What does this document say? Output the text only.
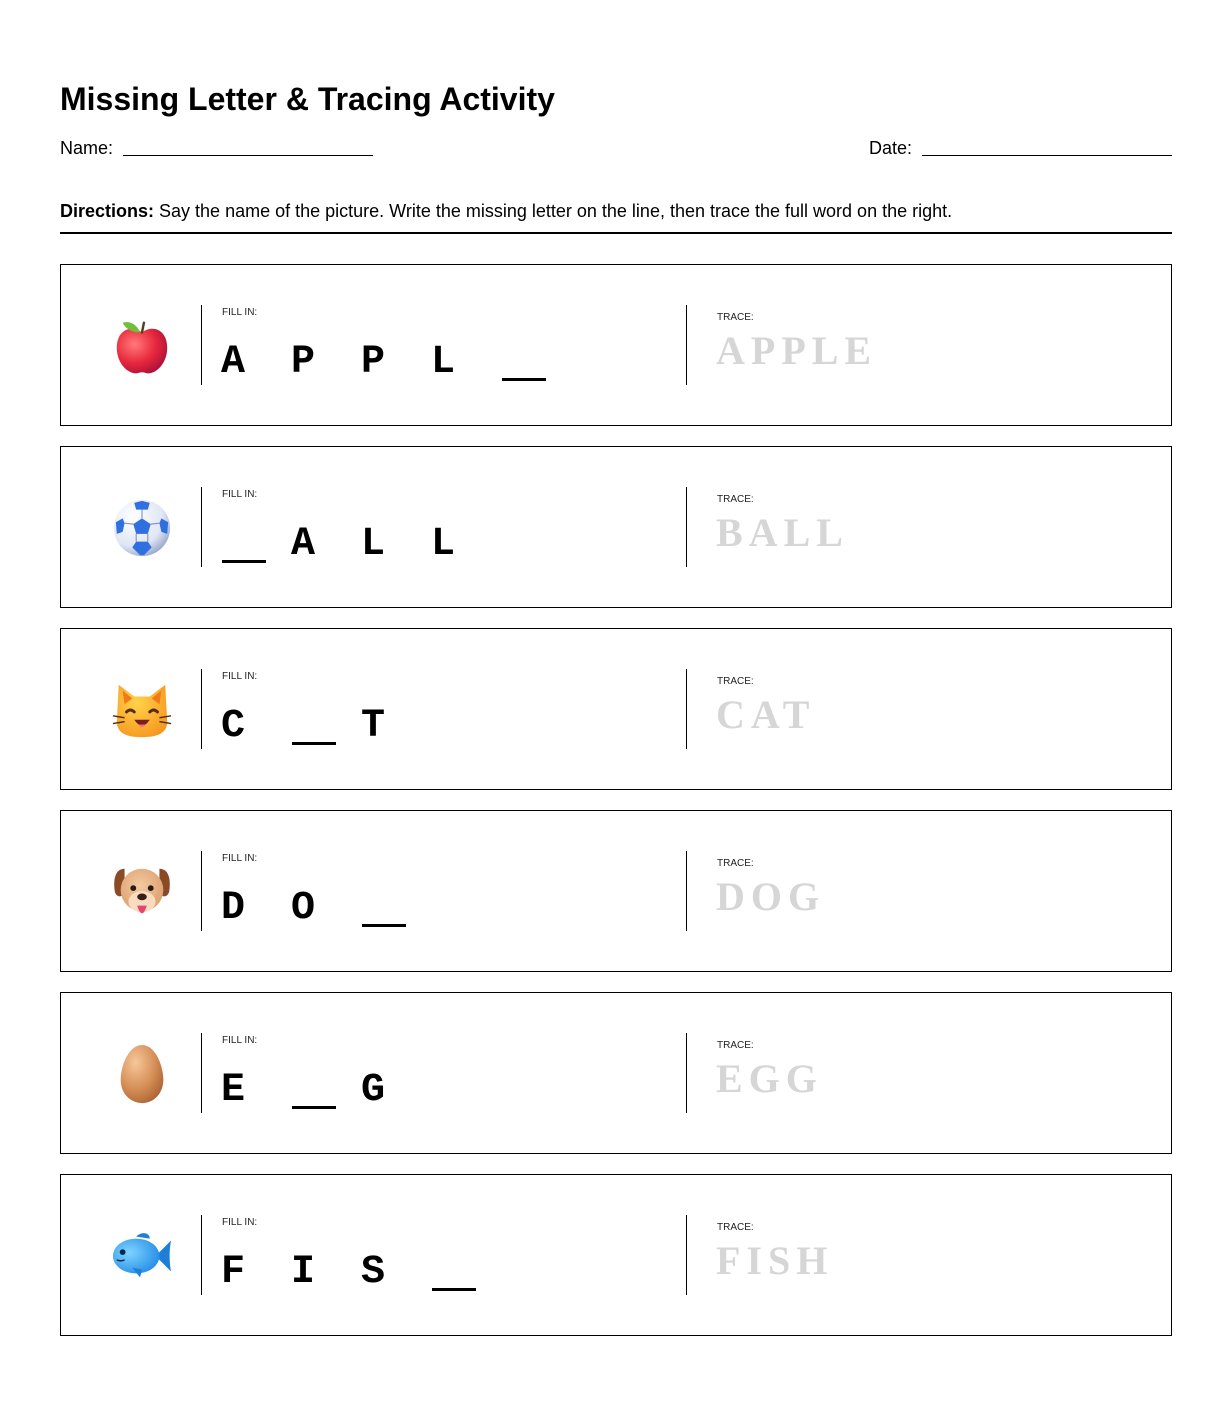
Missing Letter & Tracing Activity
Name:	Date:
Directions: Say the name of the picture. Write the missing letter on the line, then trace the full word on the right.
FILL IN:
A P P L
TRACE:
APPLE
FILL IN:
A L L
TRACE:
BALL
FILL IN:
C	T
TRACE:
CAT
FILL IN:
D O
TRACE:
DOG
FILL IN:
E	G
TRACE:
EGG
FILL IN:
F I S
TRACE:
FISH
